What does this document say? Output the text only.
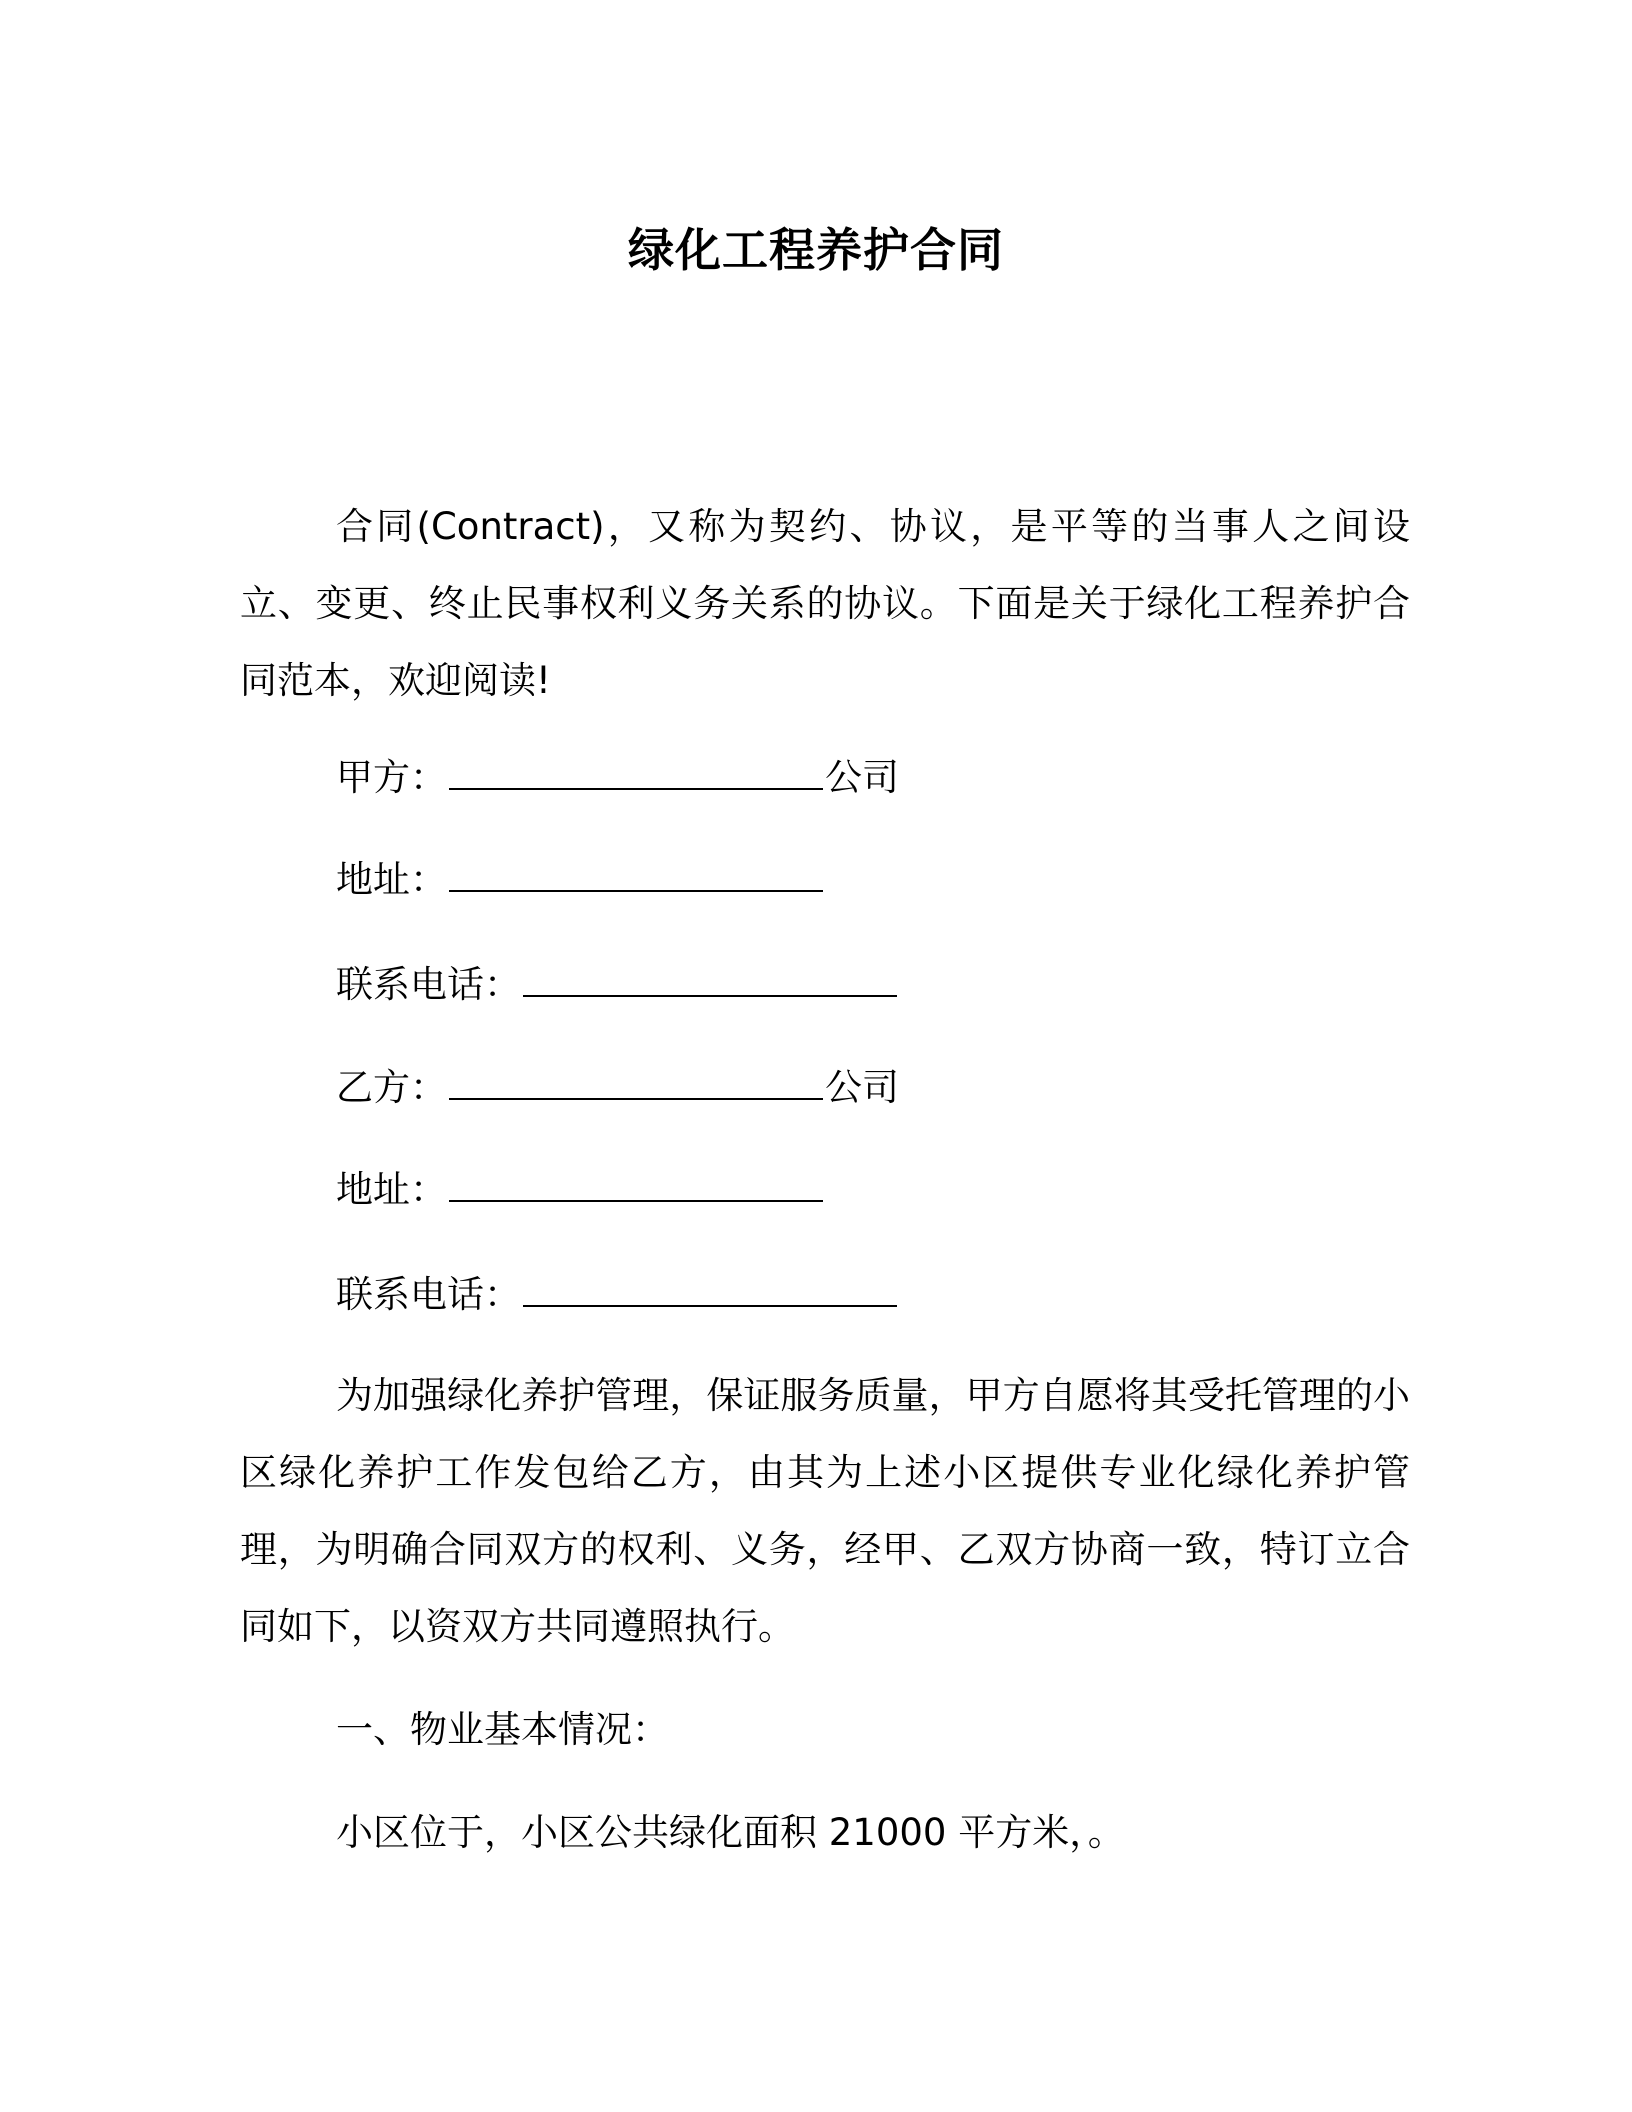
绿化工程养护合同

合同(Contract)，又称为契约、协议，是平等的当事人之间设立、变更、终止民事权利义务关系的协议。下面是关于绿化工程养护合同范本，欢迎阅读!

甲方：	公司
地址：
联系电话：
乙方：	公司
地址：
联系电话：

为加强绿化养护管理，保证服务质量，甲方自愿将其受托管理的小区绿化养护工作发包给乙方，由其为上述小区提供专业化绿化养护管理，为明确合同双方的权利、义务，经甲、乙双方协商一致，特订立合同如下，以资双方共同遵照执行。

一、物业基本情况：
小区位于，小区公共绿化面积 21000 平方米，。
